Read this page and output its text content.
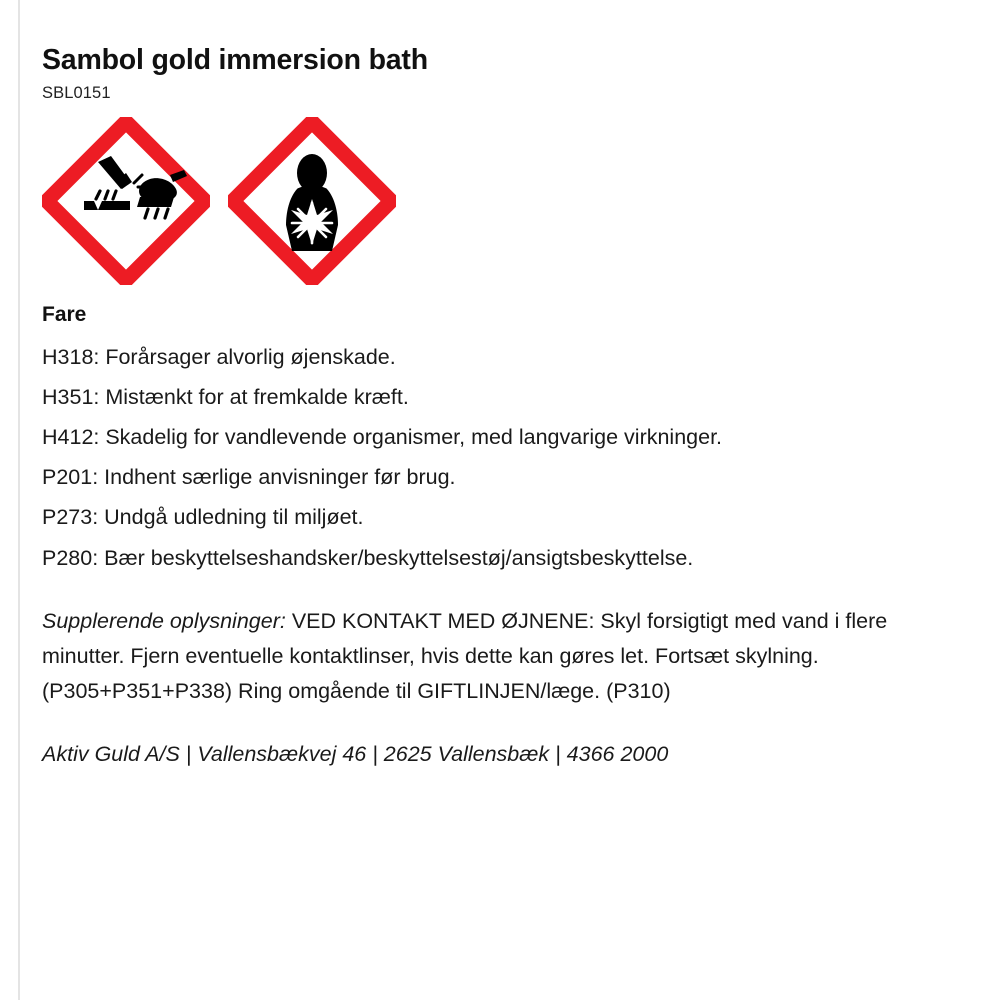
Sambol gold immersion bath
SBL0151
Fare
H318: Forårsager alvorlig øjenskade.
H351: Mistænkt for at fremkalde kræft.
H412: Skadelig for vandlevende organismer, med langvarige virkninger.
P201: Indhent særlige anvisninger før brug.
P273: Undgå udledning til miljøet.
P280: Bær beskyttelseshandsker/beskyttelsestøj/ansigtsbeskyttelse.

Supplerende oplysninger: VED KONTAKT MED ØJNENE: Skyl forsigtigt med vand i flere minutter. Fjern eventuelle kontaktlinser, hvis dette kan gøres let. Fortsæt skylning. (P305+P351+P338) Ring omgående til GIFTLINJEN/læge. (P310)

Aktiv Guld A/S | Vallensbækvej 46 | 2625 Vallensbæk | 4366 2000
